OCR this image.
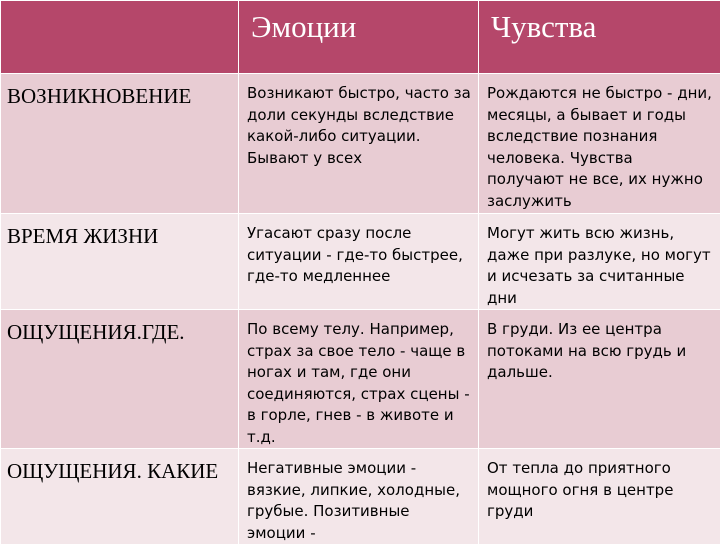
	Эмоции	Чувства

ВОЗНИКНОВЕНИЕ	Возникают быстро, часто за доли секунды вследствие какой-либо ситуации. Бывают у всех	Рождаются не быстро - дни, месяцы, а бывает и годы вследствие познания человека. Чувства получают не все, их нужно заслужить

ВРЕМЯ ЖИЗНИ	Угасают сразу после ситуации - где-то быстрее, где-то медленнее	Могут жить всю жизнь, даже при разлуке, но могут и исчезать за считанные дни

ОЩУЩЕНИЯ.ГДЕ.	По всему телу. Например, страх за свое тело - чаще в ногах и там, где они соединяются, страх сцены - в горле, гнев - в животе и т.д.	В груди. Из ее центра потоками на всю грудь и дальше.

ОЩУЩЕНИЯ. КАКИЕ	Негативные эмоции - вязкие, липкие, холодные, грубые. Позитивные эмоции -	От тепла до приятного мощного огня в центре груди
